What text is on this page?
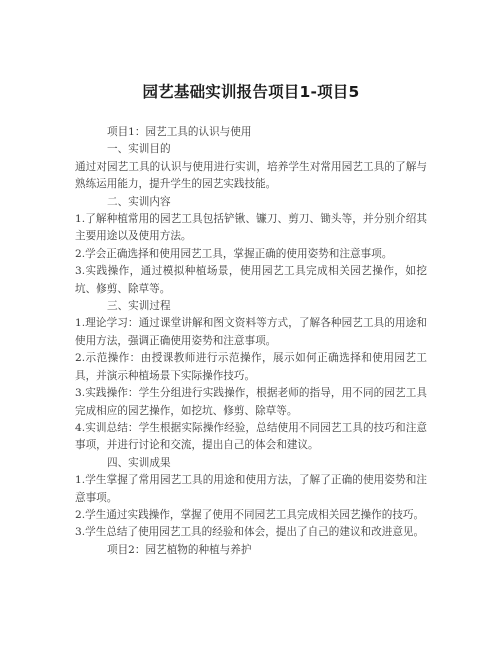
园艺基础实训报告项目1-项目5

项目1：园艺工具的认识与使用

一、实训目的

通过对园艺工具的认识与使用进行实训，培养学生对常用园艺工具的了解与熟练运用能力，提升学生的园艺实践技能。

二、实训内容

1.了解种植常用的园艺工具包括铲锹、镰刀、剪刀、锄头等，并分别介绍其主要用途以及使用方法。

2.学会正确选择和使用园艺工具，掌握正确的使用姿势和注意事项。

3.实践操作，通过模拟种植场景，使用园艺工具完成相关园艺操作，如挖坑、修剪、除草等。

三、实训过程

1.理论学习：通过课堂讲解和图文资料等方式，了解各种园艺工具的用途和使用方法，强调正确使用姿势和注意事项。

2.示范操作：由授课教师进行示范操作，展示如何正确选择和使用园艺工具，并演示种植场景下实际操作技巧。

3.实践操作：学生分组进行实践操作，根据老师的指导，用不同的园艺工具完成相应的园艺操作，如挖坑、修剪、除草等。

4.实训总结：学生根据实际操作经验，总结使用不同园艺工具的技巧和注意事项，并进行讨论和交流，提出自己的体会和建议。

四、实训成果

1.学生掌握了常用园艺工具的用途和使用方法，了解了正确的使用姿势和注意事项。

2.学生通过实践操作，掌握了使用不同园艺工具完成相关园艺操作的技巧。

3.学生总结了使用园艺工具的经验和体会，提出了自己的建议和改进意见。

项目2：园艺植物的种植与养护
